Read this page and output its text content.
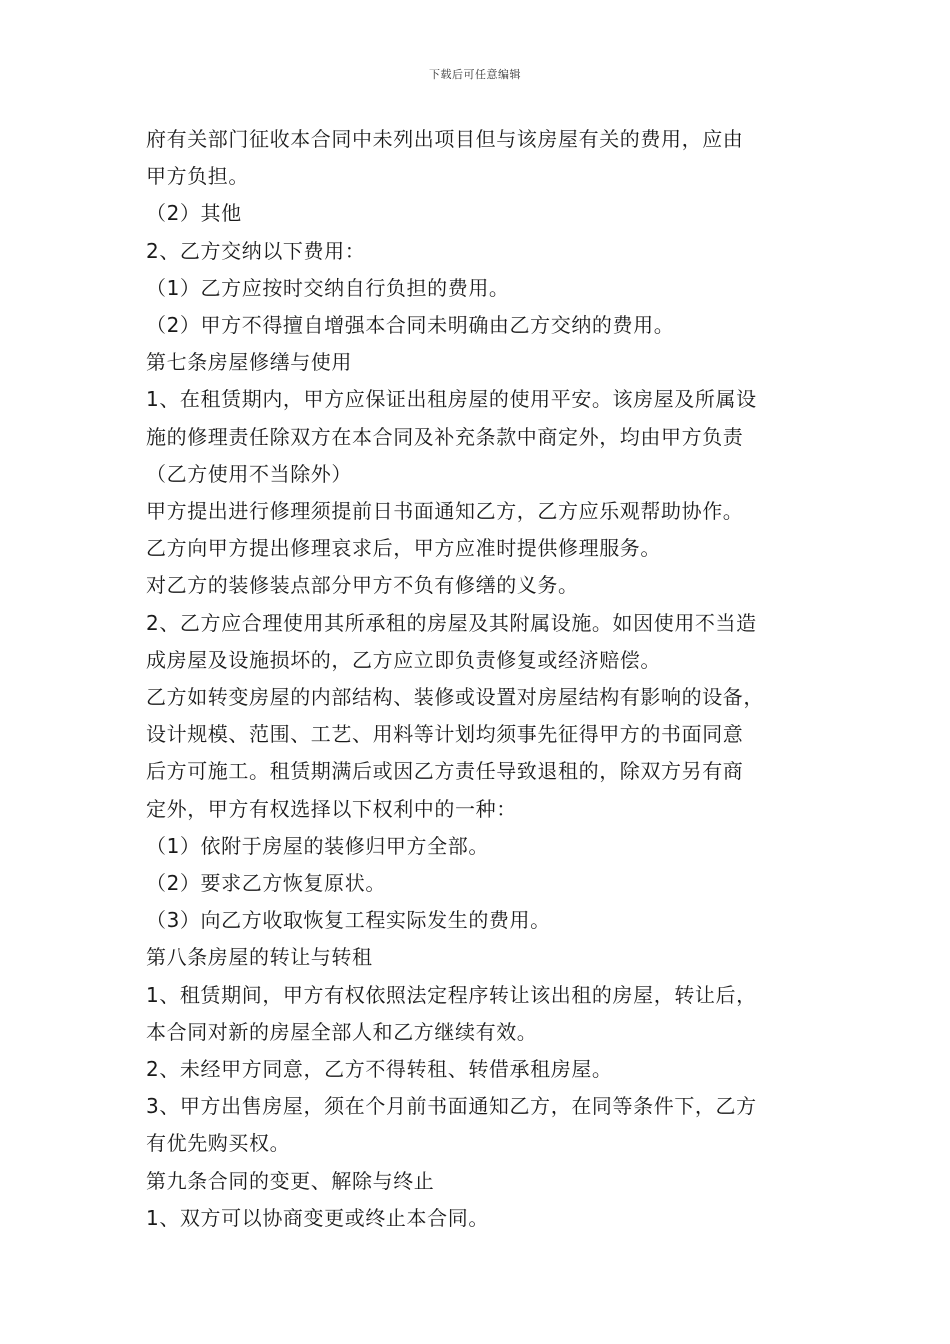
下载后可任意编辑
府有关部门征收本合同中未列出项目但与该房屋有关的费用，应由
甲方负担。
（2）其他
2、乙方交纳以下费用：
（1）乙方应按时交纳自行负担的费用。
（2）甲方不得擅自增强本合同未明确由乙方交纳的费用。
第七条房屋修缮与使用
1、在租赁期内，甲方应保证出租房屋的使用平安。该房屋及所属设
施的修理责任除双方在本合同及补充条款中商定外，均由甲方负责
（乙方使用不当除外）
甲方提出进行修理须提前日书面通知乙方，乙方应乐观帮助协作。
乙方向甲方提出修理哀求后，甲方应准时提供修理服务。
对乙方的装修装点部分甲方不负有修缮的义务。
2、乙方应合理使用其所承租的房屋及其附属设施。如因使用不当造
成房屋及设施损坏的，乙方应立即负责修复或经济赔偿。
乙方如转变房屋的内部结构、装修或设置对房屋结构有影响的设备，
设计规模、范围、工艺、用料等计划均须事先征得甲方的书面同意
后方可施工。租赁期满后或因乙方责任导致退租的，除双方另有商
定外，甲方有权选择以下权利中的一种：
（1）依附于房屋的装修归甲方全部。
（2）要求乙方恢复原状。
（3）向乙方收取恢复工程实际发生的费用。
第八条房屋的转让与转租
1、租赁期间，甲方有权依照法定程序转让该出租的房屋，转让后，
本合同对新的房屋全部人和乙方继续有效。
2、未经甲方同意，乙方不得转租、转借承租房屋。
3、甲方出售房屋，须在个月前书面通知乙方，在同等条件下，乙方
有优先购买权。
第九条合同的变更、解除与终止
1、双方可以协商变更或终止本合同。
